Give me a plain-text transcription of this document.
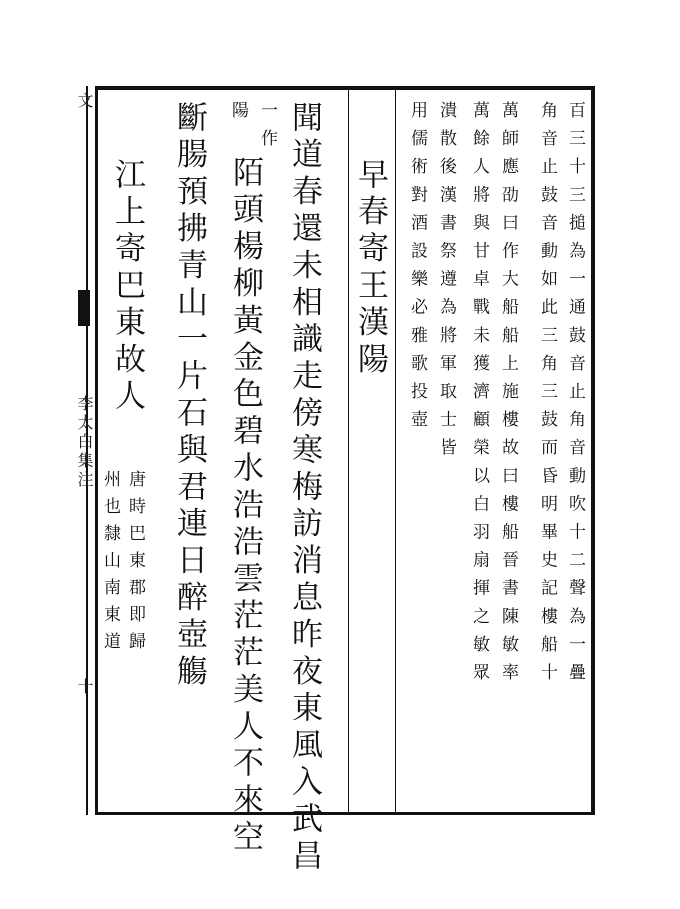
文
李太白集注
十	百三十三搥為一通鼓音止角音動吹十二聲為一疊
角音止鼓音動如此三角三鼓而昏明畢史記樓船十
萬師應劭曰作大船船上施樓故曰樓船晉書陳敏率
萬餘人將與甘卓戰未獲濟顧榮以白羽扇揮之敏眾
潰散後漢書祭遵為將軍取士皆
用儒術對酒設樂必雅歌投壺
早春寄王漢陽
聞道春還未相識走傍寒梅訪消息昨夜東風入武昌
一作
陽
陌頭楊柳黃金色碧水浩浩雲茫茫美人不來空
斷腸預拂青山一片石與君連日醉壺觴
江上寄巴東故人
唐時巴東郡即歸
州也隸山南東道
